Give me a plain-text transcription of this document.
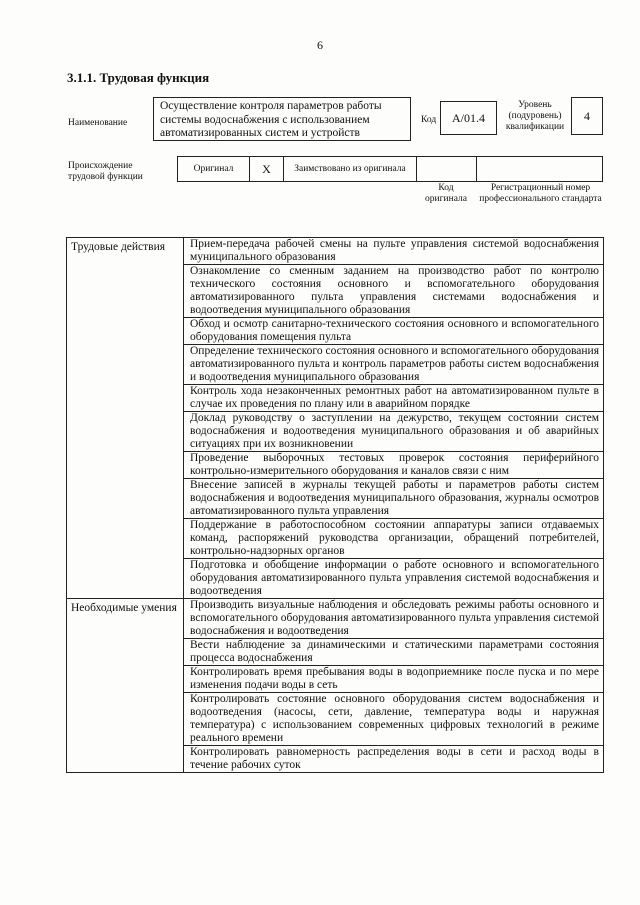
6
3.1.1. Трудовая функция
Наименование
Осуществление контроля параметров работы системы водоснабжения с использованием автоматизированных систем и устройств
Код	А/01.4
Уровень (подуровень) квалификации
4
Происхождение трудовой функции
Оригинал	Х	Заимствовано из оригинала
Код оригинала
Регистрационный номер профессионального стандарта
Трудовые действия	Прием-передача рабочей смены на пульте управления системой водоснабжения муниципального образования
Ознакомление со сменным заданием на производство работ по контролю технического состояния основного и вспомогательного оборудования автоматизированного пульта управления системами водоснабжения и водоотведения муниципального образования
Обход и осмотр санитарно-технического состояния основного и вспомогательного оборудования помещения пульта
Определение технического состояния основного и вспомогательного оборудования автоматизированного пульта и контроль параметров работы систем водоснабжения и водоотведения муниципального образования
Контроль хода незаконченных ремонтных работ на автоматизированном пульте в случае их проведения по плану или в аварийном порядке
Доклад руководству о заступлении на дежурство, текущем состоянии систем водоснабжения и водоотведения муниципального образования и об аварийных ситуациях при их возникновении
Проведение выборочных тестовых проверок состояния периферийного контрольно-измерительного оборудования и каналов связи с ним
Внесение записей в журналы текущей работы и параметров работы систем водоснабжения и водоотведения муниципального образования, журналы осмотров автоматизированного пульта управления
Поддержание в работоспособном состоянии аппаратуры записи отдаваемых команд, распоряжений руководства организации, обращений потребителей, контрольно-надзорных органов
Подготовка и обобщение информации о работе основного и вспомогательного оборудования автоматизированного пульта управления системой водоснабжения и водоотведения
Необходимые умения	Производить визуальные наблюдения и обследовать режимы работы основного и вспомогательного оборудования автоматизированного пульта управления системой водоснабжения и водоотведения
Вести наблюдение за динамическими и статическими параметрами состояния процесса водоснабжения
Контролировать время пребывания воды в водоприемнике после пуска и по мере изменения подачи воды в сеть
Контролировать состояние основного оборудования систем водоснабжения и водоотведения (насосы, сети, давление, температура воды и наружная температура) с использованием современных цифровых технологий в режиме реального времени
Контролировать равномерность распределения воды в сети и расход воды в течение рабочих суток
